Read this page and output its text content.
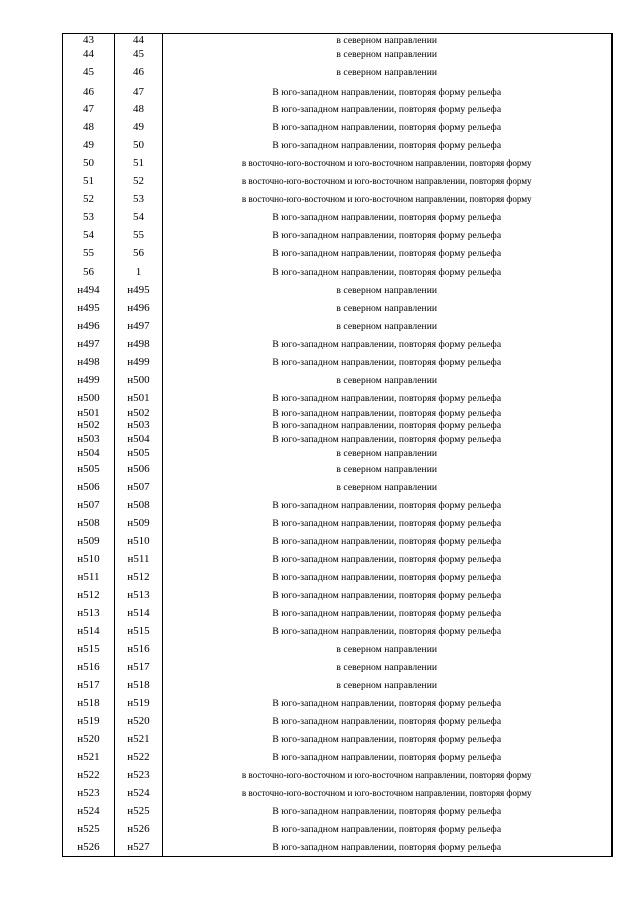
43	44	в северном направлении
44	45	в северном направлении
45	46	в северном направлении
46	47	В юго-западном направлении, повторяя форму рельефа
47	48	В юго-западном направлении, повторяя форму рельефа
48	49	В юго-западном направлении, повторяя форму рельефа
49	50	В юго-западном направлении, повторяя форму рельефа
50	51	в восточно-юго-восточном и юго-восточном направлении, повторяя форму
51	52	в восточно-юго-восточном и юго-восточном направлении, повторяя форму
52	53	в восточно-юго-восточном и юго-восточном направлении, повторяя форму
53	54	В юго-западном направлении, повторяя форму рельефа
54	55	В юго-западном направлении, повторяя форму рельефа
55	56	В юго-западном направлении, повторяя форму рельефа
56	1	В юго-западном направлении, повторяя форму рельефа
н494	н495	в северном направлении
н495	н496	в северном направлении
н496	н497	в северном направлении
н497	н498	В юго-западном направлении, повторяя форму рельефа
н498	н499	В юго-западном направлении, повторяя форму рельефа
н499	н500	в северном направлении
н500	н501	В юго-западном направлении, повторяя форму рельефа
н501	н502	В юго-западном направлении, повторяя форму рельефа
н502	н503	В юго-западном направлении, повторяя форму рельефа
н503	н504	В юго-западном направлении, повторяя форму рельефа
н504	н505	в северном направлении
н505	н506	в северном направлении
н506	н507	в северном направлении
н507	н508	В юго-западном направлении, повторяя форму рельефа
н508	н509	В юго-западном направлении, повторяя форму рельефа
н509	н510	В юго-западном направлении, повторяя форму рельефа
н510	н511	В юго-западном направлении, повторяя форму рельефа
н511	н512	В юго-западном направлении, повторяя форму рельефа
н512	н513	В юго-западном направлении, повторяя форму рельефа
н513	н514	В юго-западном направлении, повторяя форму рельефа
н514	н515	В юго-западном направлении, повторяя форму рельефа
н515	н516	в северном направлении
н516	н517	в северном направлении
н517	н518	в северном направлении
н518	н519	В юго-западном направлении, повторяя форму рельефа
н519	н520	В юго-западном направлении, повторяя форму рельефа
н520	н521	В юго-западном направлении, повторяя форму рельефа
н521	н522	В юго-западном направлении, повторяя форму рельефа
н522	н523	в восточно-юго-восточном и юго-восточном направлении, повторяя форму
н523	н524	в восточно-юго-восточном и юго-восточном направлении, повторяя форму
н524	н525	В юго-западном направлении, повторяя форму рельефа
н525	н526	В юго-западном направлении, повторяя форму рельефа
н526	н527	В юго-западном направлении, повторяя форму рельефа
